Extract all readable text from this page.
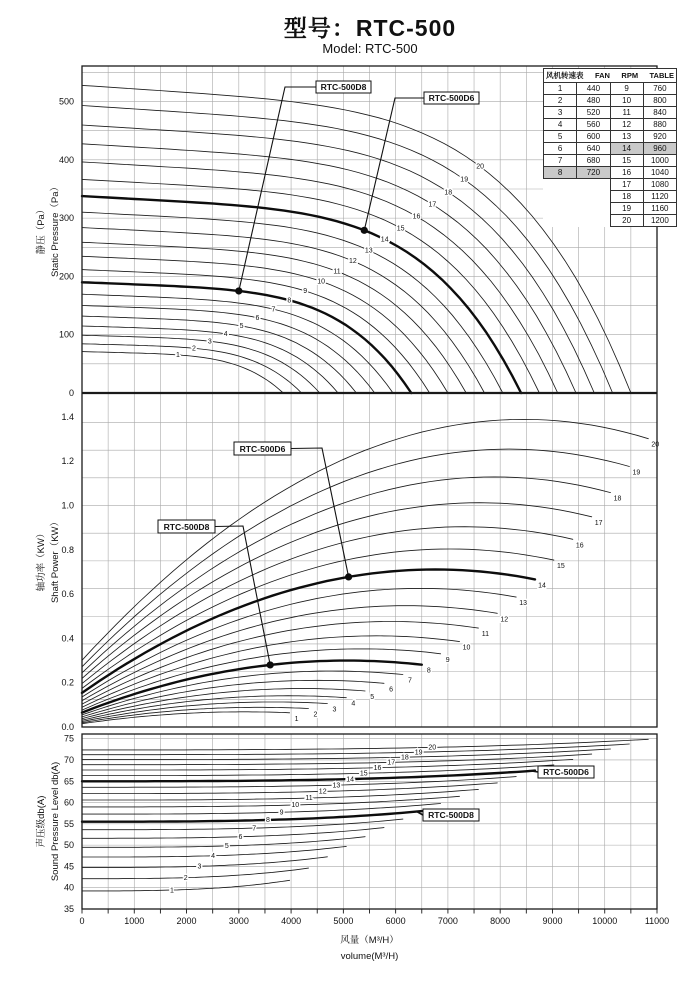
型号：RTC-500
Model: RTC-500
1
2
3
4
5
6
7
8
9
10
11
12
13
14
15
16
17
18
19
20
0
100
200
300
400
500
RTC-500D8
RTC-500D6
静压（Pa） Static Pressure（Pa）
1
2
3
4
5
6
7
8
9
10
11
12
13
14
15
16
17
18
19
20
0.0
0.2
0.4
0.6
0.8
1.0
1.2
1.4
RTC-500D6
RTC-500D8
轴功率（KW） Shaft Power（KW）
1
2
3
4
5
6
7
8
9
10
11
12
13
14
15
16
17
18
19
20
35
40
45
50
55
60
65
70
75
RTC-500D6
RTC-500D8
声压级db(A) Sound Pressure Level db(A)
0	1000	2000	3000	4000	5000	6000	7000	8000	9000	10000	11000
风量（M³/H）
volume(M³/H)
风机转速表 FAN RPM TABLE
1	440	9	760
2	480	10	800
3	520	11	840
4	560	12	880
5	600	13	920
6	640	14	960
7	680	15	1000
8	720	16	1040
		17	1080
		18	1120
		19	1160
		20	1200
